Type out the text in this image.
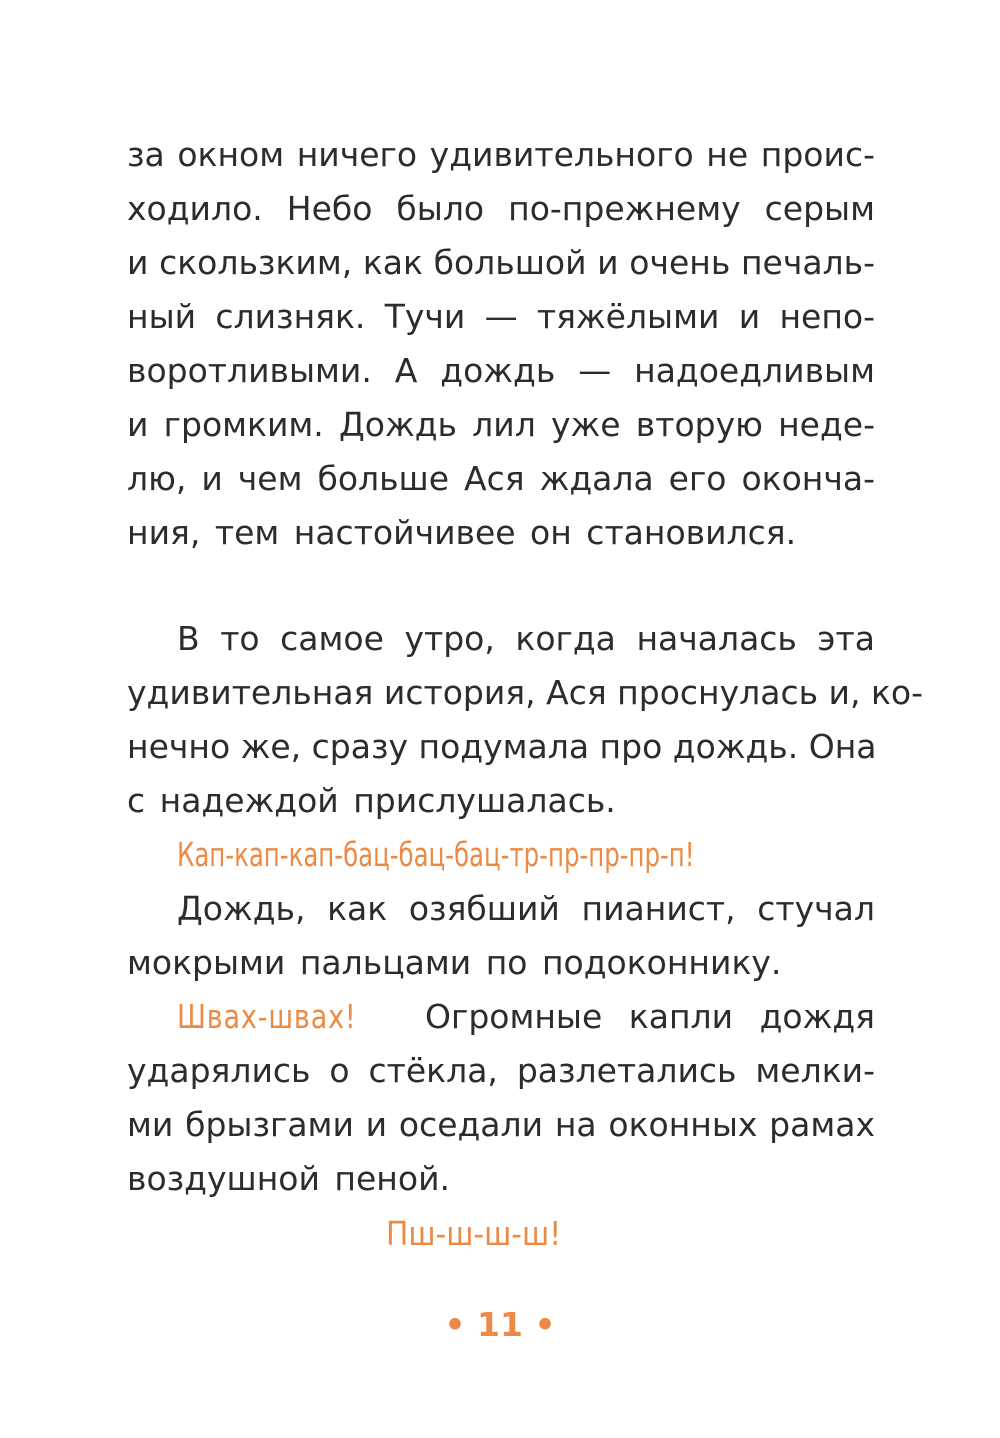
за окном ничего удивительного не проис-
ходило. Небо было по-прежнему серым
и скользким, как большой и очень печаль-
ный слизняк. Тучи — тяжёлыми и непо-
воротливыми. А дождь — надоедливым
и громким. Дождь лил уже вторую неде-
лю, и чем больше Ася ждала его оконча-
ния, тем настойчивее он становился.
В то самое утро, когда началась эта
удивительная история, Ася проснулась и, ко-
нечно же, сразу подумала про дождь. Она
с надеждой прислушалась.
Кап-кап-кап-бац-бац-бац-тр-пр-пр-пр-п!
Дождь, как озябший пианист, стучал
мокрыми пальцами по подоконнику.
Швах-швах! Огромные капли дождя
ударялись о стёкла, разлетались мелки-
ми брызгами и оседали на оконных рамах
воздушной пеной.
Пш-ш-ш-ш!
• 11 •
